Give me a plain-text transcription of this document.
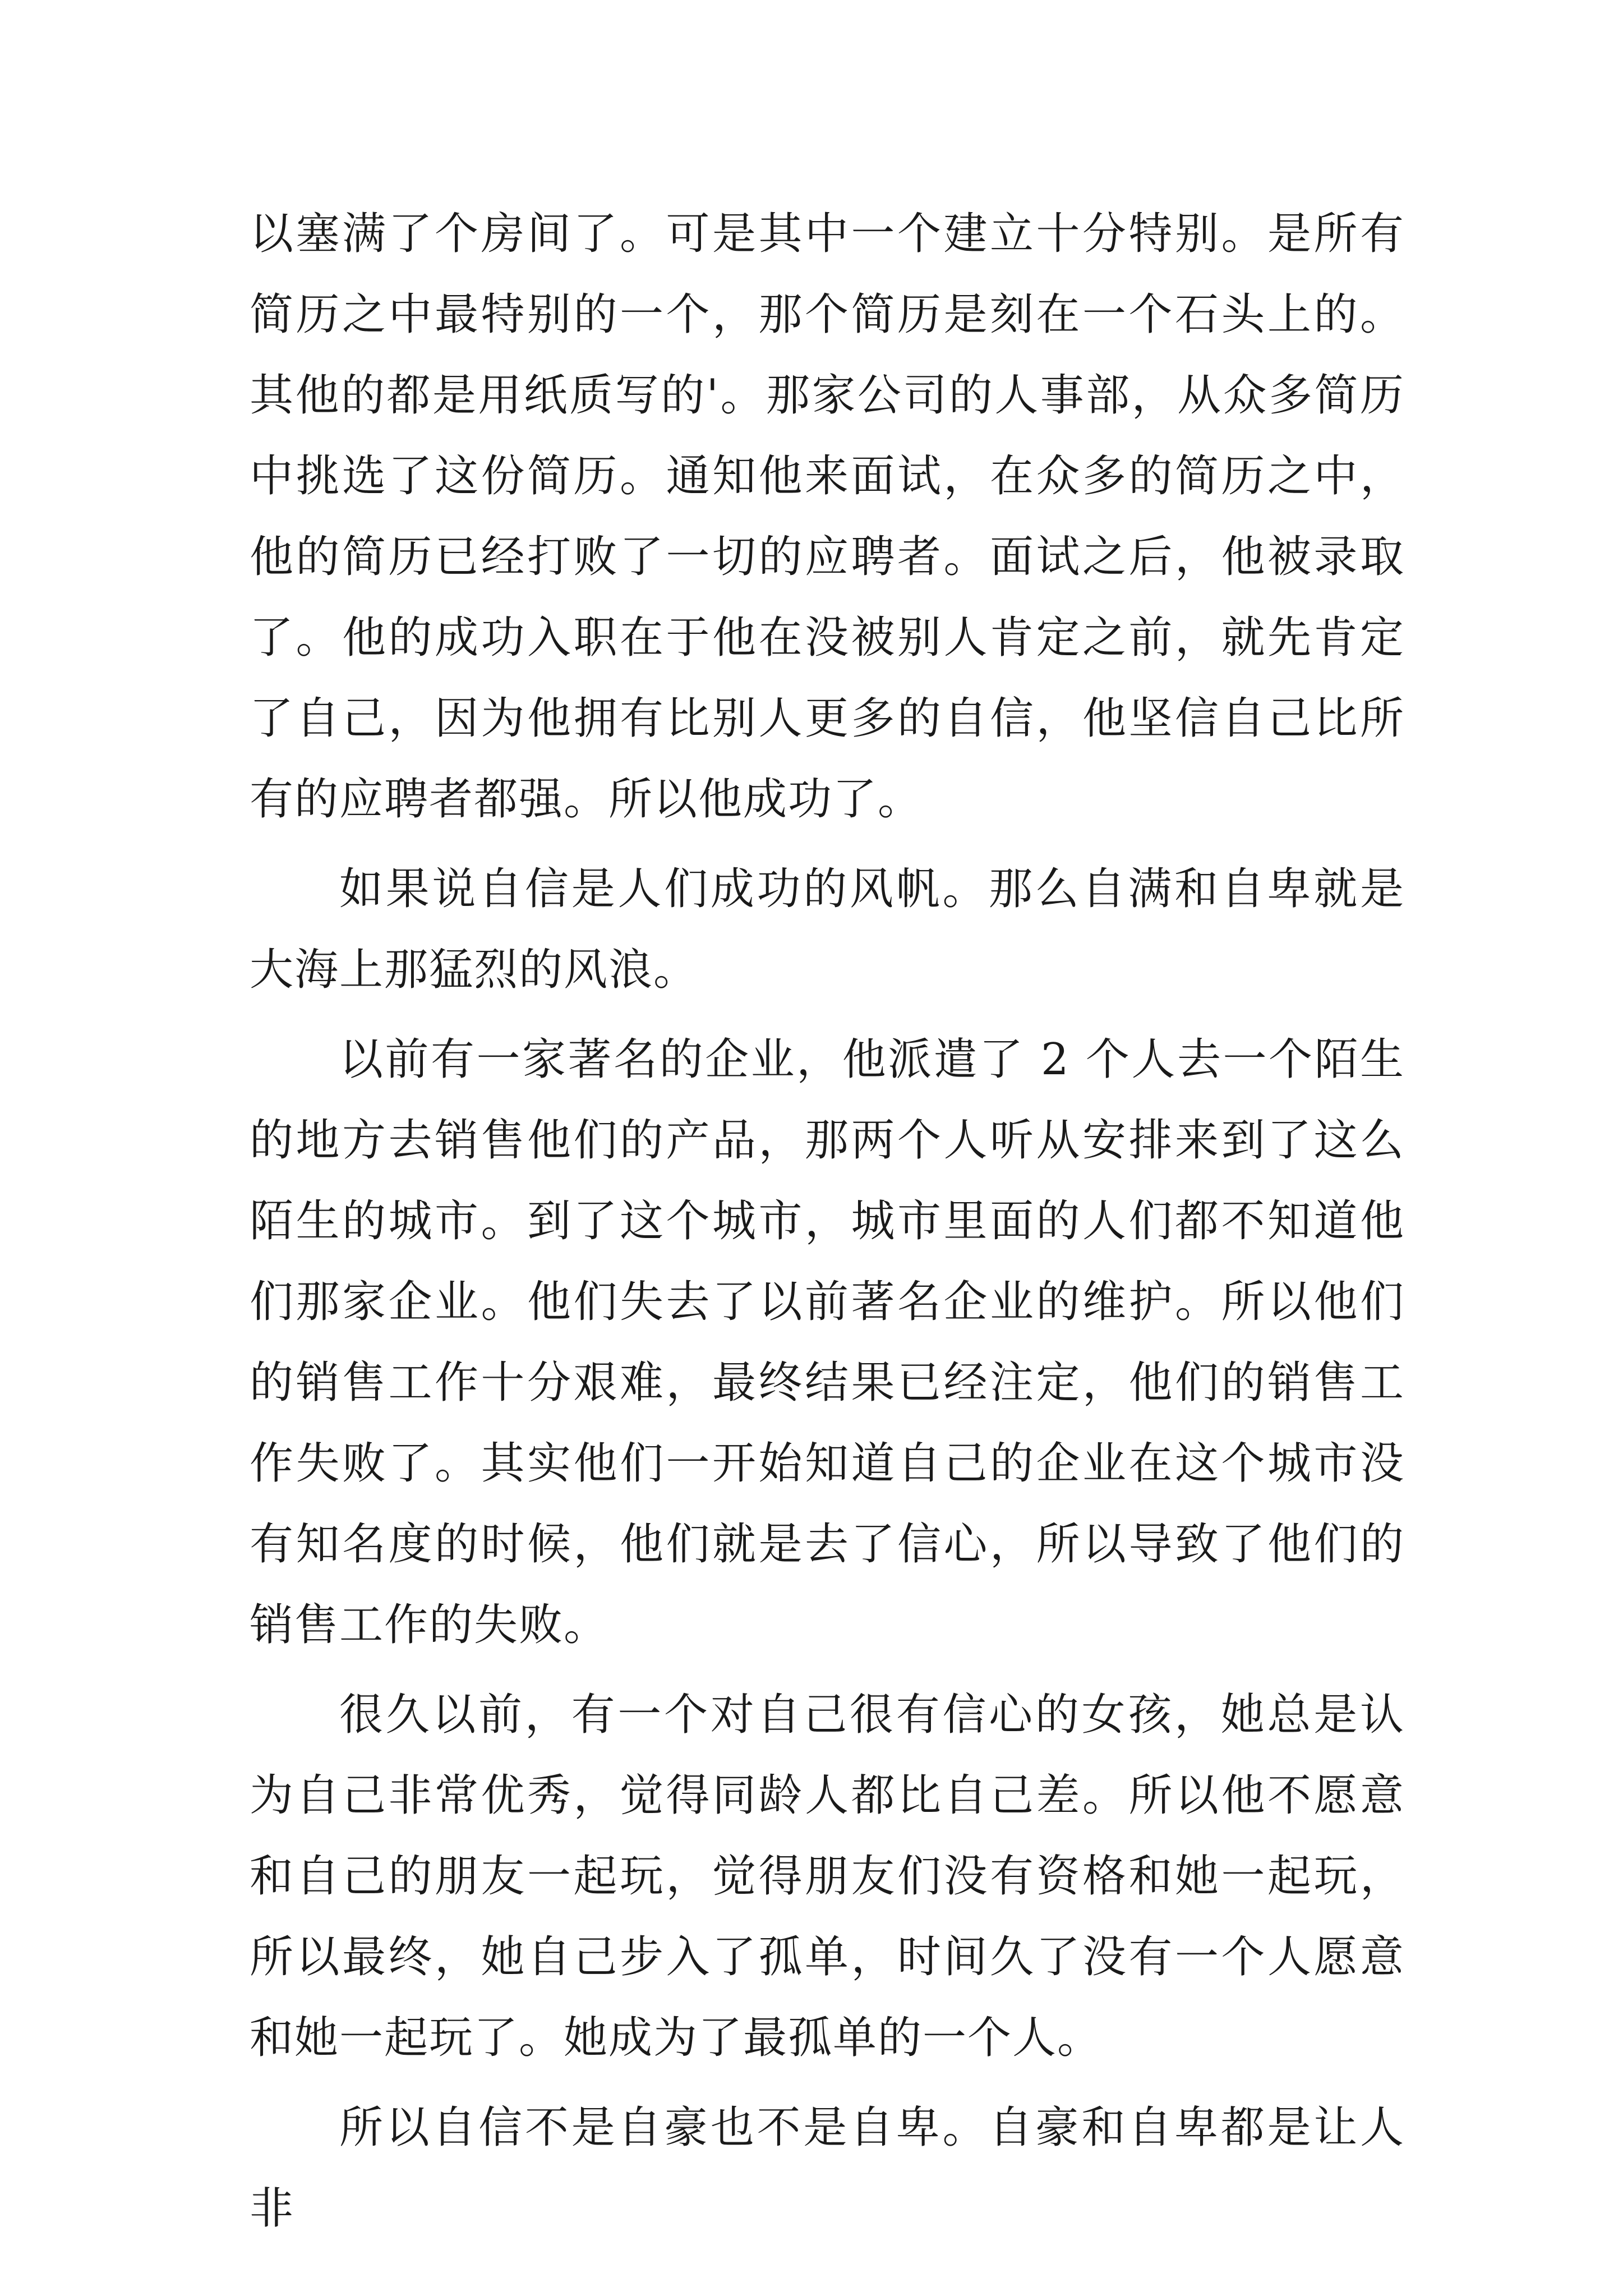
以塞满了个房间了。可是其中一个建立十分特别。是所有简历之中最特别的一个，那个简历是刻在一个石头上的。其他的都是用纸质写的'。那家公司的人事部，从众多简历中挑选了这份简历。通知他来面试，在众多的简历之中，他的简历已经打败了一切的应聘者。面试之后，他被录取了。他的成功入职在于他在没被别人肯定之前，就先肯定了自己，因为他拥有比别人更多的自信，他坚信自己比所有的应聘者都强。所以他成功了。

如果说自信是人们成功的风帆。那么自满和自卑就是大海上那猛烈的风浪。

以前有一家著名的企业，他派遣了 2 个人去一个陌生的地方去销售他们的产品，那两个人听从安排来到了这么陌生的城市。到了这个城市，城市里面的人们都不知道他们那家企业。他们失去了以前著名企业的维护。所以他们的销售工作十分艰难，最终结果已经注定，他们的销售工作失败了。其实他们一开始知道自己的企业在这个城市没有知名度的时候，他们就是去了信心，所以导致了他们的销售工作的失败。

很久以前，有一个对自己很有信心的女孩，她总是认为自己非常优秀，觉得同龄人都比自己差。所以他不愿意和自己的朋友一起玩，觉得朋友们没有资格和她一起玩，所以最终，她自己步入了孤单，时间久了没有一个人愿意和她一起玩了。她成为了最孤单的一个人。

所以自信不是自豪也不是自卑。自豪和自卑都是让人非
